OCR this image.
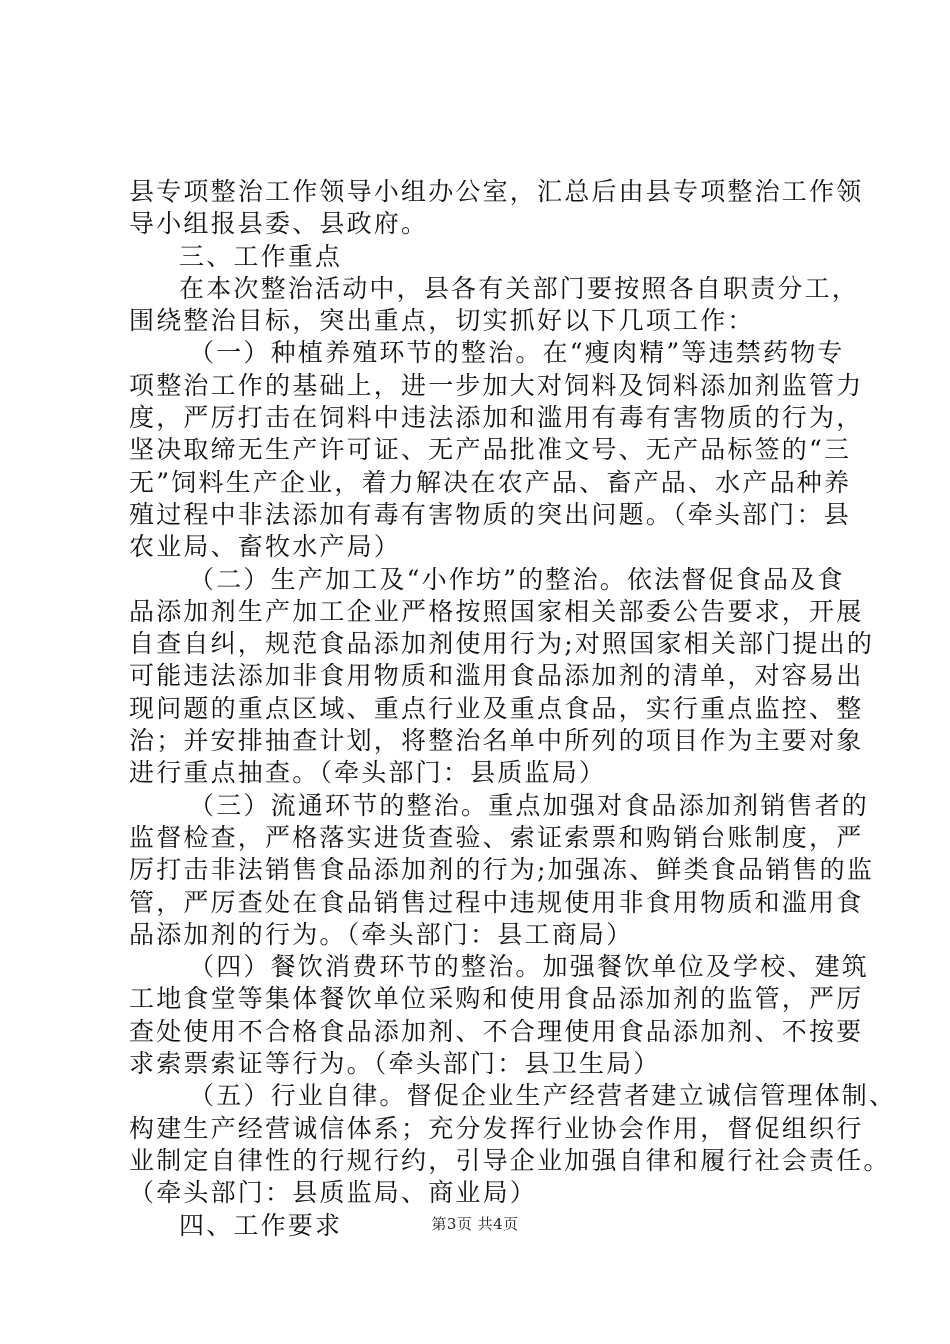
县专项整治工作领导小组办公室，汇总后由县专项整治工作领
导小组报县委、县政府。
三、工作重点
在本次整治活动中，县各有关部门要按照各自职责分工，
围绕整治目标，突出重点，切实抓好以下几项工作：
（一）种植养殖环节的整治。在“瘦肉精”等违禁药物专
项整治工作的基础上，进一步加大对饲料及饲料添加剂监管力
度，严厉打击在饲料中违法添加和滥用有毒有害物质的行为，
坚决取缔无生产许可证、无产品批准文号、无产品标签的“三
无”饲料生产企业，着力解决在农产品、畜产品、水产品种养
殖过程中非法添加有毒有害物质的突出问题。（牵头部门：县
农业局、畜牧水产局）
（二）生产加工及“小作坊”的整治。依法督促食品及食
品添加剂生产加工企业严格按照国家相关部委公告要求，开展
自查自纠，规范食品添加剂使用行为;对照国家相关部门提出的
可能违法添加非食用物质和滥用食品添加剂的清单，对容易出
现问题的重点区域、重点行业及重点食品，实行重点监控、整
治；并安排抽查计划，将整治名单中所列的项目作为主要对象
进行重点抽查。（牵头部门：县质监局）
（三）流通环节的整治。重点加强对食品添加剂销售者的
监督检查，严格落实进货查验、索证索票和购销台账制度，严
厉打击非法销售食品添加剂的行为;加强冻、鲜类食品销售的监
管，严厉查处在食品销售过程中违规使用非食用物质和滥用食
品添加剂的行为。（牵头部门：县工商局）
（四）餐饮消费环节的整治。加强餐饮单位及学校、建筑
工地食堂等集体餐饮单位采购和使用食品添加剂的监管，严厉
查处使用不合格食品添加剂、不合理使用食品添加剂、不按要
求索票索证等行为。（牵头部门：县卫生局）
（五）行业自律。督促企业生产经营者建立诚信管理体制、
构建生产经营诚信体系；充分发挥行业协会作用，督促组织行
业制定自律性的行规行约，引导企业加强自律和履行社会责任。
（牵头部门：县质监局、商业局）
四、工作要求	第3页 共4页
